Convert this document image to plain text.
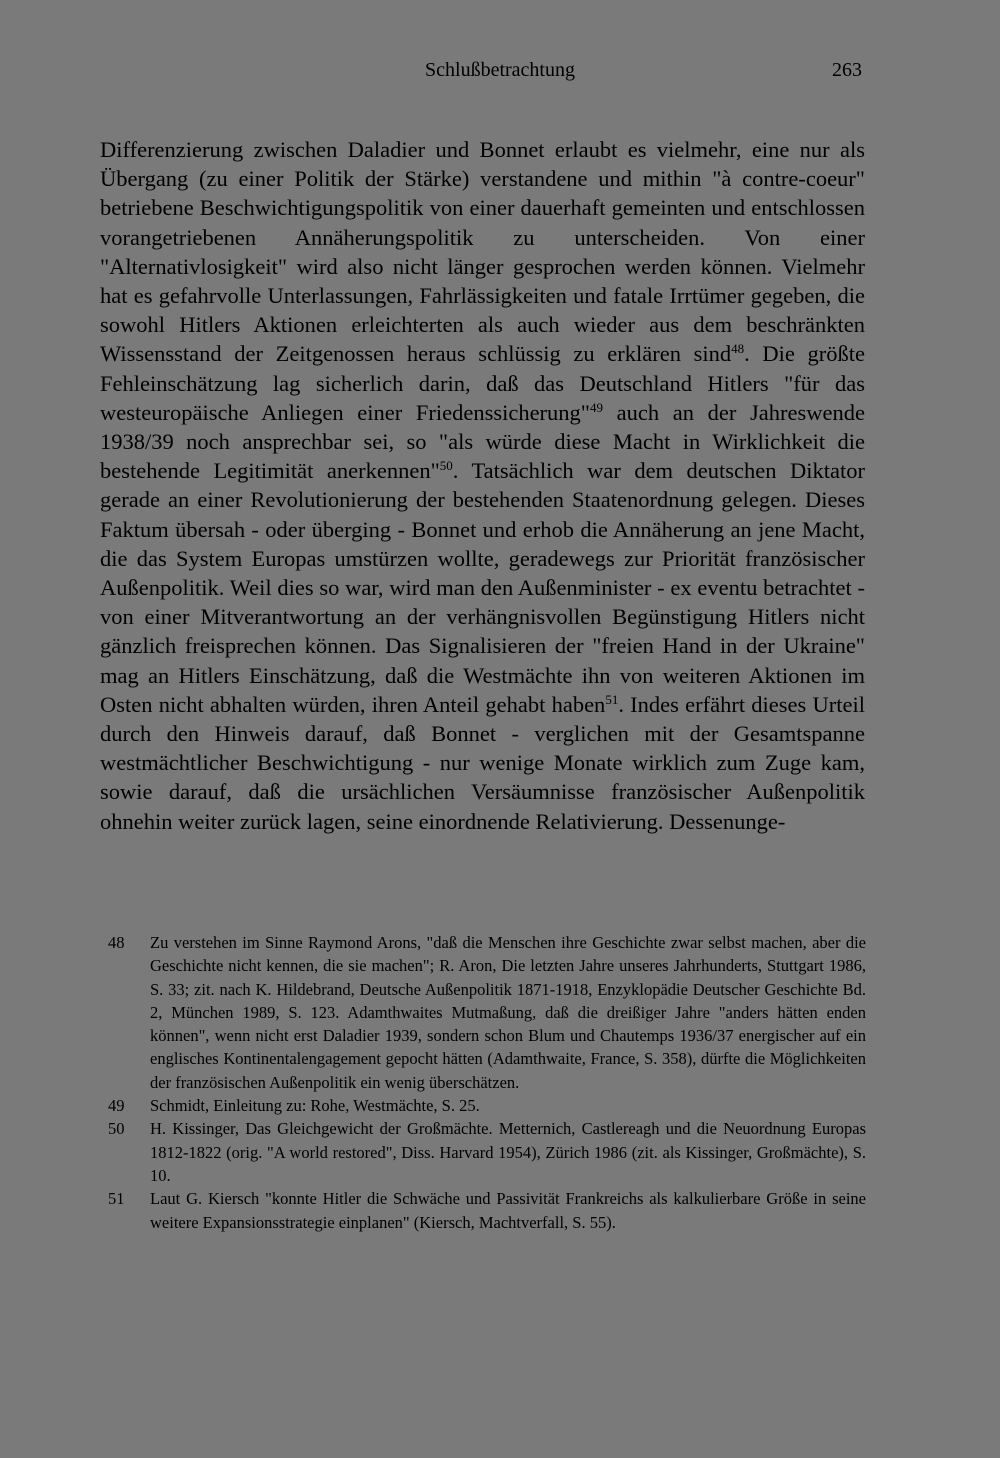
Schlußbetrachtung	263

Differenzierung zwischen Daladier und Bonnet erlaubt es vielmehr, eine nur als Übergang (zu einer Politik der Stärke) verstandene und mithin "à contre-coeur" betriebene Beschwichtigungspolitik von einer dauerhaft gemeinten und entschlossen vorangetriebenen Annäherungspolitik zu unterscheiden. Von einer "Alternativlosigkeit" wird also nicht länger gesprochen werden können. Vielmehr hat es gefahrvolle Unterlassungen, Fahrlässigkeiten und fatale Irrtümer gegeben, die sowohl Hitlers Aktionen erleichterten als auch wieder aus dem beschränkten Wissensstand der Zeitgenossen heraus schlüssig zu erklären sind$^{48}$. Die größte Fehleinschätzung lag sicherlich darin, daß das Deutschland Hitlers "für das westeuropäische Anliegen einer Friedenssicherung"$^{49}$ auch an der Jahreswende 1938/39 noch ansprechbar sei, so "als würde diese Macht in Wirklichkeit die bestehende Legitimität anerkennen"$^{50}$. Tatsächlich war dem deutschen Diktator gerade an einer Revolutionierung der bestehenden Staatenordnung gelegen. Dieses Faktum übersah - oder überging - Bonnet und erhob die Annäherung an jene Macht, die das System Europas umstürzen wollte, geradewegs zur Priorität französischer Außenpolitik. Weil dies so war, wird man den Außenminister - ex eventu betrachtet - von einer Mitverantwortung an der verhängnisvollen Begünstigung Hitlers nicht gänzlich freisprechen können. Das Signalisieren der "freien Hand in der Ukraine" mag an Hitlers Einschätzung, daß die Westmächte ihn von weiteren Aktionen im Osten nicht abhalten würden, ihren Anteil gehabt haben$^{51}$. Indes erfährt dieses Urteil durch den Hinweis darauf, daß Bonnet - verglichen mit der Gesamtspanne westmächtlicher Beschwichtigung - nur wenige Monate wirklich zum Zuge kam, sowie darauf, daß die ursächlichen Versäumnisse französischer Außenpolitik ohnehin weiter zurück lagen, seine einordnende Relativierung. Dessenunge-

48	Zu verstehen im Sinne Raymond Arons, "daß die Menschen ihre Geschichte zwar selbst machen, aber die Geschichte nicht kennen, die sie machen"; R. Aron, Die letzten Jahre unseres Jahrhunderts, Stuttgart 1986, S. 33; zit. nach K. Hildebrand, Deutsche Außenpolitik 1871-1918, Enzyklopädie Deutscher Geschichte Bd. 2, München 1989, S. 123. Adamthwaites Mutmaßung, daß die dreißiger Jahre "anders hätten enden können", wenn nicht erst Daladier 1939, sondern schon Blum und Chautemps 1936/37 energischer auf ein englisches Kontinentalengagement gepocht hätten (Adamthwaite, France, S. 358), dürfte die Möglichkeiten der französischen Außenpolitik ein wenig überschätzen.
49	Schmidt, Einleitung zu: Rohe, Westmächte, S. 25.
50	H. Kissinger, Das Gleichgewicht der Großmächte. Metternich, Castlereagh und die Neuordnung Europas 1812-1822 (orig. "A world restored", Diss. Harvard 1954), Zürich 1986 (zit. als Kissinger, Großmächte), S. 10.
51	Laut G. Kiersch "konnte Hitler die Schwäche und Passivität Frankreichs als kalkulierbare Größe in seine weitere Expansionsstrategie einplanen" (Kiersch, Machtverfall, S. 55).
